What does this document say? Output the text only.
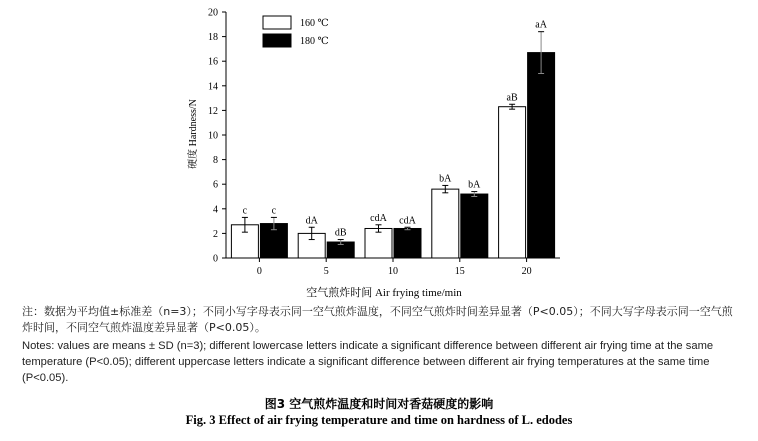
c c
dA
dB
cdA cdA
bA
bA
aB
aA
0
2
4
6
8
10
12
14
16
18
20
0	5	10	15	20
160 ℃
180 ℃
硬度 Hardness/N
空气煎炸时间 Air frying time/min
注：数据为平均值±标准差（n=3）；不同小写字母表示同一空气煎炸温度，不同空气煎炸时间差异显著（P<0.05）；不同大写字母表示同一空气煎炸时间，不同空气煎炸温度差异显著（P<0.05）。
Notes: values are means ± SD (n=3); different lowercase letters indicate a significant difference between different air frying time at the same temperature (P<0.05); different uppercase letters indicate a significant difference between different air frying temperatures at the same time (P<0.05).
图3 空气煎炸温度和时间对香菇硬度的影响
Fig. 3 Effect of air frying temperature and time on hardness of L. edodes
